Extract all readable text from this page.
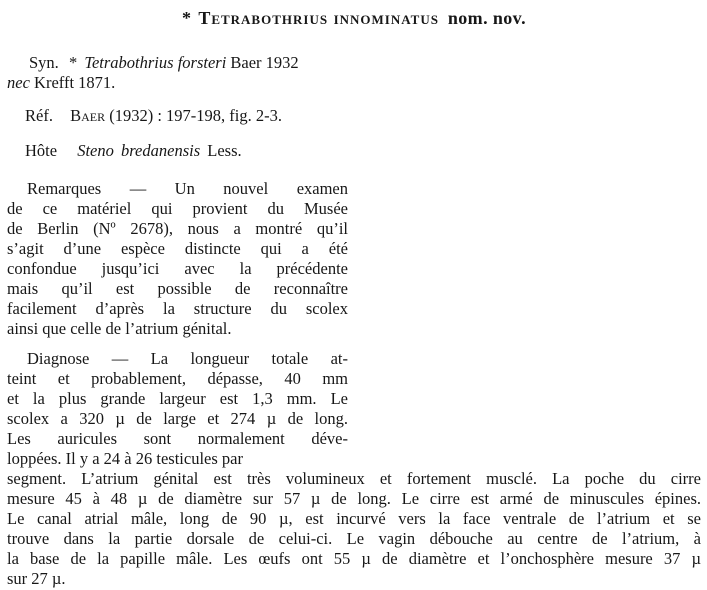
* Tetrabothrius innominatus nom. nov.
Syn. * Tetrabothrius forsteri Baer 1932
nec Krefft 1871.
Réf. Baer (1932) : 197-198, fig. 2-3.
Hôte Steno bredanensis Less.
Remarques — Un nouvel examen
de ce matériel qui provient du Musée
de Berlin (Nº 2678), nous a montré qu’il
s’agit d’une espèce distincte qui a été
confondue jusqu’ici avec la précédente
mais qu’il est possible de reconnaître
facilement d’après la structure du scolex
ainsi que celle de l’atrium génital.
Diagnose — La longueur totale at-
teint et probablement, dépasse, 40 mm
et la plus grande largeur est 1,3 mm. Le
scolex a 320 µ de large et 274 µ de long.
Les auricules sont normalement déve-
loppées. Il y a 24 à 26 testicules par
segment. L’atrium génital est très volumineux et fortement musclé. La poche du cirre
mesure 45 à 48 µ de diamètre sur 57 µ de long. Le cirre est armé de minuscules épines.
Le canal atrial mâle, long de 90 µ, est incurvé vers la face ventrale de l’atrium et se
trouve dans la partie dorsale de celui-ci. Le vagin débouche au centre de l’atrium, à
la base de la papille mâle. Les œufs ont 55 µ de diamètre et l’onchosphère mesure 37 µ
sur 27 µ.
